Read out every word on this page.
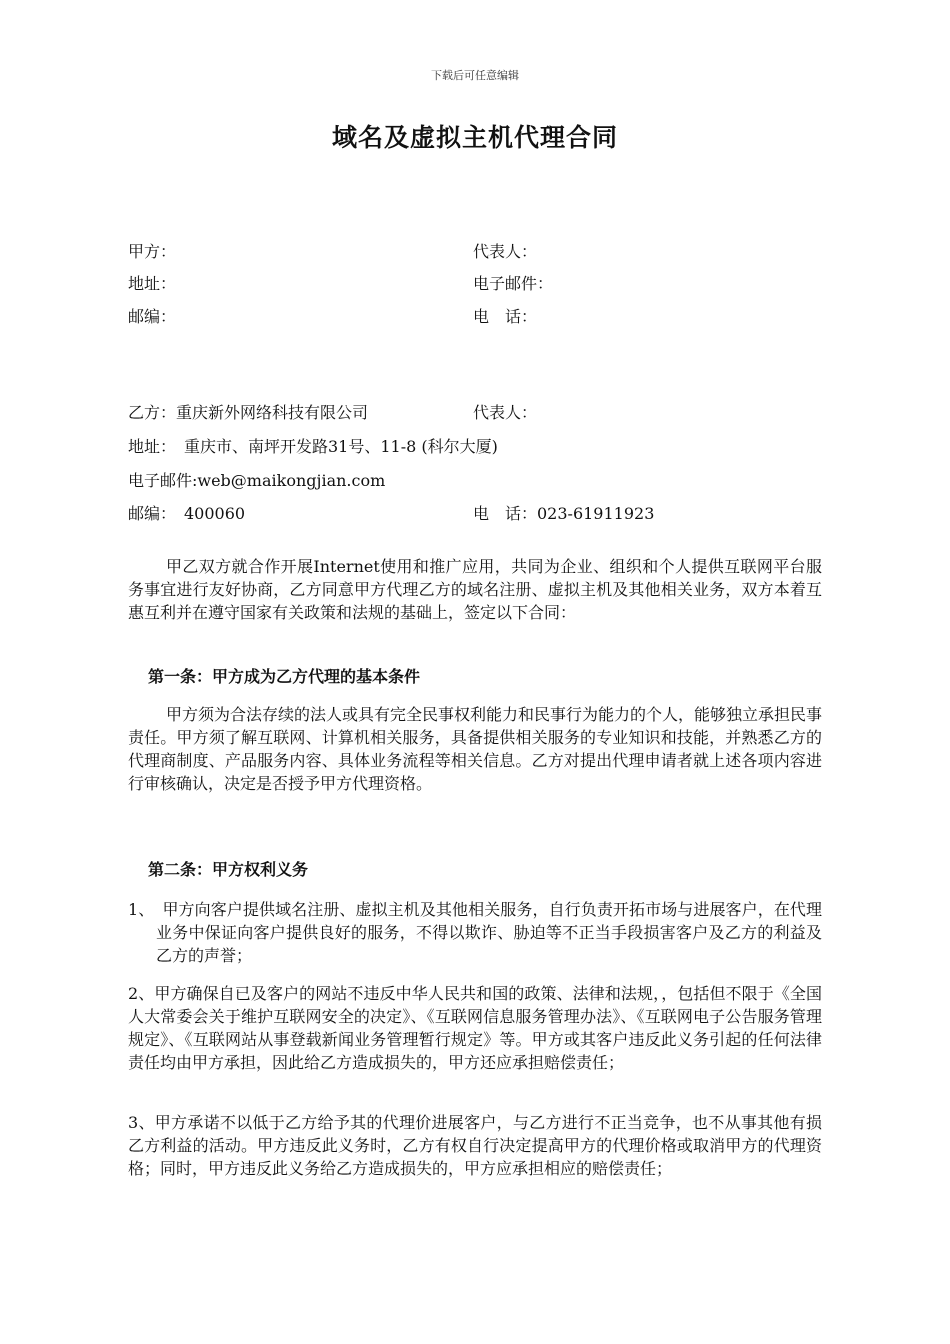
下载后可任意编辑
域名及虚拟主机代理合同
甲方：	代表人：
地址：	电子邮件：
邮编：	电　话：
乙方：重庆新外网络科技有限公司	代表人：
地址：　重庆市、南坪开发路31号、11-8 (科尔大厦)
电子邮件:web@maikongjian.com
邮编：　400060	电　话：023-61911923
甲乙双方就合作开展Internet使用和推广应用，共同为企业、组织和个人提供互联网平台服务事宜进行友好协商，乙方同意甲方代理乙方的域名注册、虚拟主机及其他相关业务，双方本着互惠互利并在遵守国家有关政策和法规的基础上，签定以下合同：
第一条：甲方成为乙方代理的基本条件
甲方须为合法存续的法人或具有完全民事权利能力和民事行为能力的个人，能够独立承担民事责任。甲方须了解互联网、计算机相关服务，具备提供相关服务的专业知识和技能，并熟悉乙方的代理商制度、产品服务内容、具体业务流程等相关信息。乙方对提出代理申请者就上述各项内容进行审核确认，决定是否授予甲方代理资格。
第二条：甲方权利义务
1、　甲方向客户提供域名注册、虚拟主机及其他相关服务，自行负责开拓市场与进展客户，在代理业务中保证向客户提供良好的服务，不得以欺诈、胁迫等不正当手段损害客户及乙方的利益及乙方的声誉；
2、甲方确保自已及客户的网站不违反中华人民共和国的政策、法律和法规，，包括但不限于《全国人大常委会关于维护互联网安全的决定》、《互联网信息服务管理办法》、《互联网电子公告服务管理规定》、《互联网站从事登载新闻业务管理暂行规定》等。甲方或其客户违反此义务引起的任何法律责任均由甲方承担，因此给乙方造成损失的，甲方还应承担赔偿责任；
3、甲方承诺不以低于乙方给予其的代理价进展客户，与乙方进行不正当竞争，也不从事其他有损乙方利益的活动。甲方违反此义务时，乙方有权自行决定提高甲方的代理价格或取消甲方的代理资格；同时，甲方违反此义务给乙方造成损失的，甲方应承担相应的赔偿责任；
